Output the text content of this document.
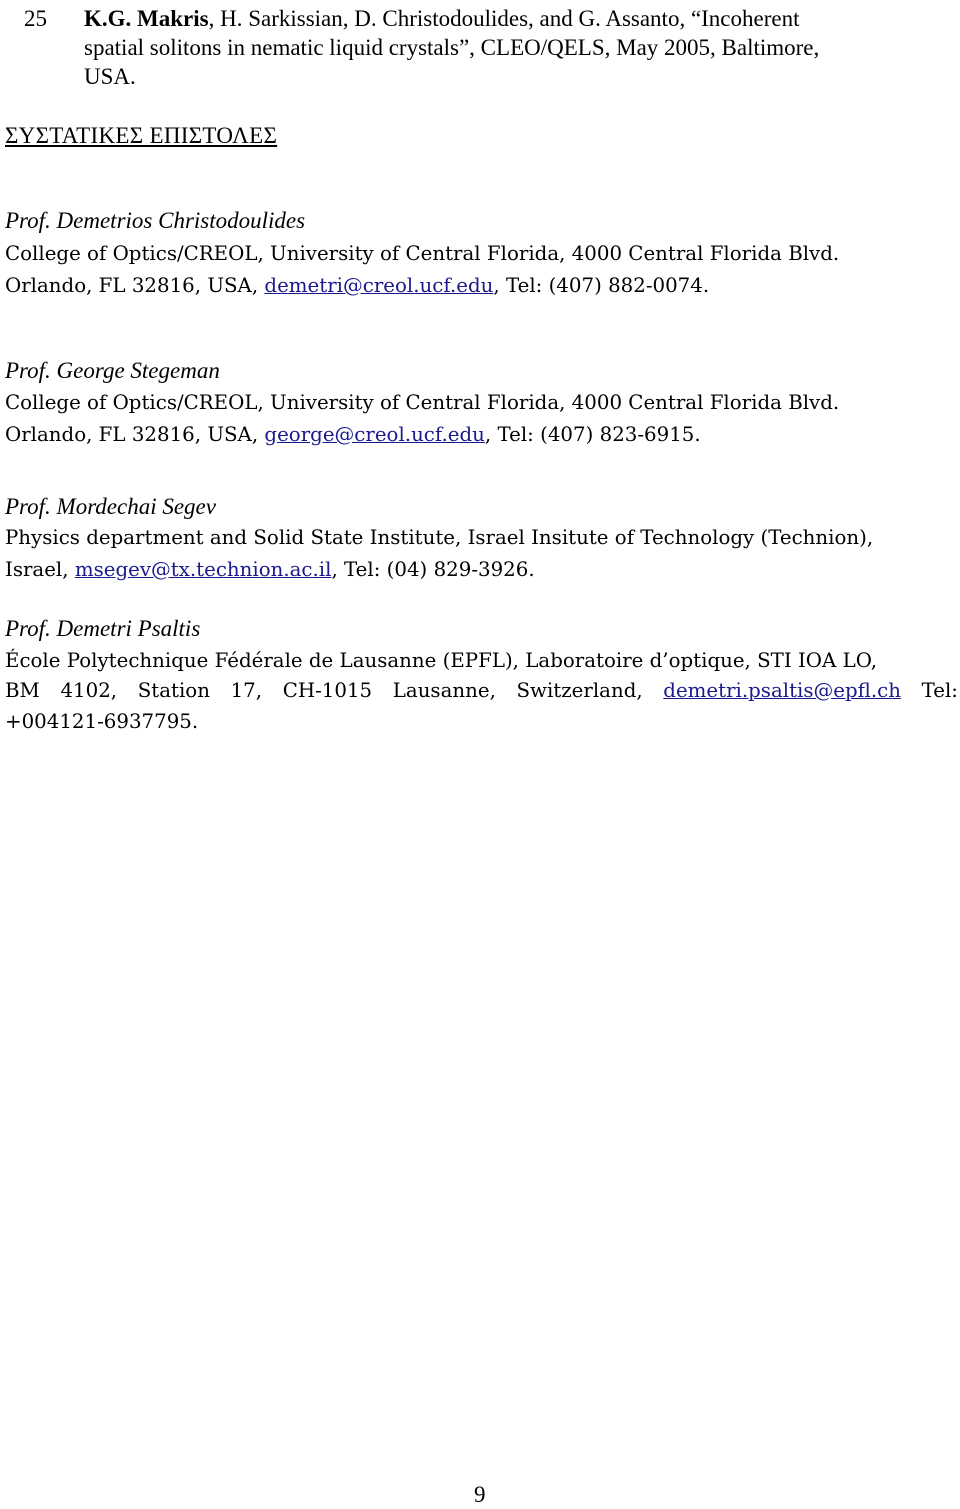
25 K.G. Makris, H. Sarkissian, D. Christodoulides, and G. Assanto, “Incoherent
spatial solitons in nematic liquid crystals”, CLEO/QELS, May 2005, Baltimore,
USA.
ΣΥΣΤΑΤΙΚΕΣ ΕΠΙΣΤΟΛΕΣ
Prof. Demetrios Christodoulides
College of Optics/CREOL, University of Central Florida, 4000 Central Florida Blvd.
Orlando, FL 32816, USA, demetri@creol.ucf.edu, Tel: (407) 882-0074.
Prof. George Stegeman
College of Optics/CREOL, University of Central Florida, 4000 Central Florida Blvd.
Orlando, FL 32816, USA, george@creol.ucf.edu, Tel: (407) 823-6915.
Prof. Mordechai Segev
Physics department and Solid State Institute, Israel Insitute of Technology (Technion),
Israel, msegev@tx.technion.ac.il, Tel: (04) 829-3926.
Prof. Demetri Psaltis
École Polytechnique Fédérale de Lausanne (EPFL), Laboratoire d’optique, STI IOA LO,
BM 4102, Station 17, CH-1015 Lausanne, Switzerland, demetri.psaltis@epfl.ch Tel:
+004121-6937795.
9
